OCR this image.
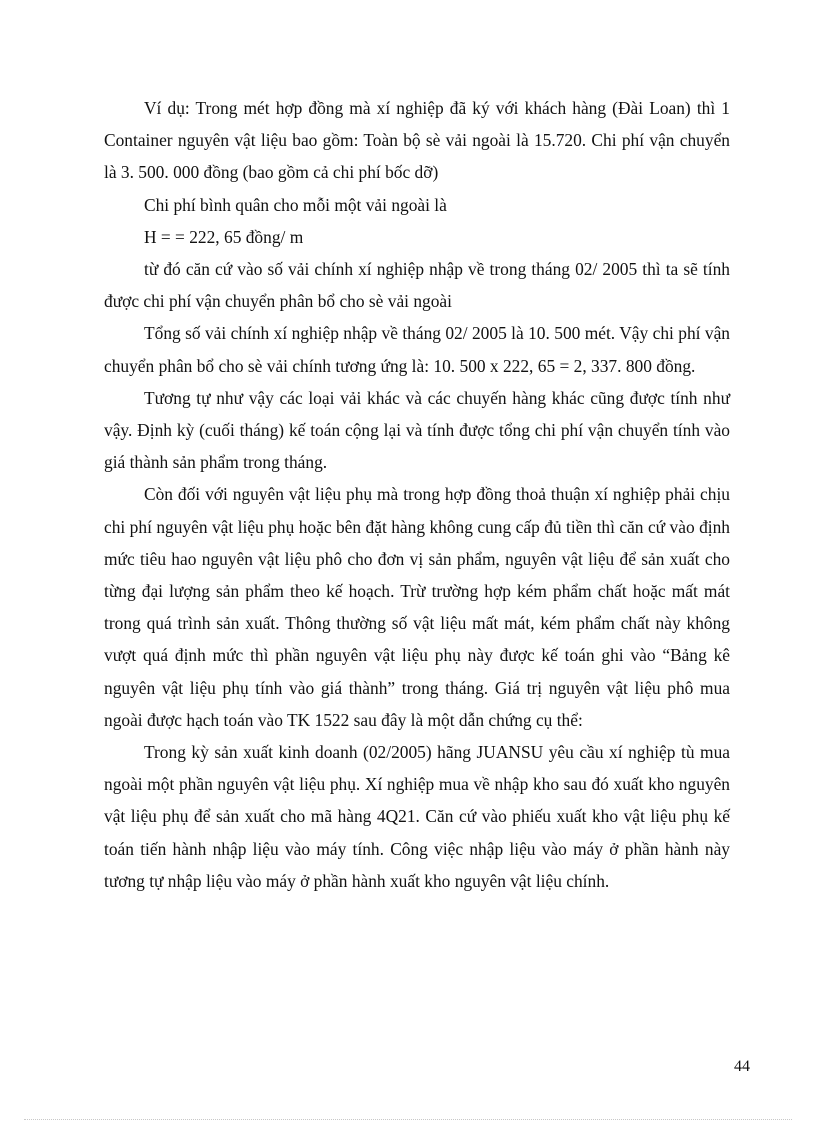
Ví dụ: Trong mét hợp đồng mà xí nghiệp đã ký với khách hàng (Đài Loan) thì 1 Container nguyên vật liệu bao gồm: Toàn bộ sè vải ngoài là 15.720. Chi phí vận chuyển là 3. 500. 000 đồng (bao gồm cả chi phí bốc dỡ)

Chi phí bình quân cho mỗi một vải ngoài là

H = = 222, 65 đồng/ m

từ đó căn cứ vào số vải chính xí nghiệp nhập về trong tháng 02/ 2005 thì ta sẽ tính được chi phí vận chuyển phân bổ cho sè vải ngoài

Tổng số vải chính xí nghiệp nhập về tháng 02/ 2005 là 10. 500 mét. Vậy chi phí vận chuyển phân bổ cho sè vải chính tương ứng là: 10. 500 x 222, 65 = 2, 337. 800 đồng.

Tương tự như vậy các loại vải khác và các chuyến hàng khác cũng được tính như vậy. Định kỳ (cuối tháng) kế toán cộng lại và tính được tổng chi phí vận chuyển tính vào giá thành sản phẩm trong tháng.

Còn đối với nguyên vật liệu phụ mà trong hợp đồng thoả thuận xí nghiệp phải chịu chi phí nguyên vật liệu phụ hoặc bên đặt hàng không cung cấp đủ tiền thì căn cứ vào định mức tiêu hao nguyên vật liệu phô cho đơn vị sản phẩm, nguyên vật liệu để sản xuất cho từng đại lượng sản phẩm theo kế hoạch. Trừ trường hợp kém phẩm chất hoặc mất mát trong quá trình sản xuất. Thông thường số vật liệu mất mát, kém phẩm chất này không vượt quá định mức thì phần nguyên vật liệu phụ này được kế toán ghi vào “Bảng kê nguyên vật liệu phụ tính vào giá thành” trong tháng. Giá trị nguyên vật liệu phô mua ngoài được hạch toán vào TK 1522 sau đây là một dẫn chứng cụ thể:

Trong kỳ sản xuất kinh doanh (02/2005) hãng JUANSU yêu cầu xí nghiệp tù mua ngoài một phần nguyên vật liệu phụ. Xí nghiệp mua về nhập kho sau đó xuất kho nguyên vật liệu phụ để sản xuất cho mã hàng 4Q21. Căn cứ vào phiếu xuất kho vật liệu phụ kế toán tiến hành nhập liệu vào máy tính. Công việc nhập liệu vào máy ở phần hành này tương tự nhập liệu vào máy ở phần hành xuất kho nguyên vật liệu chính.

44
